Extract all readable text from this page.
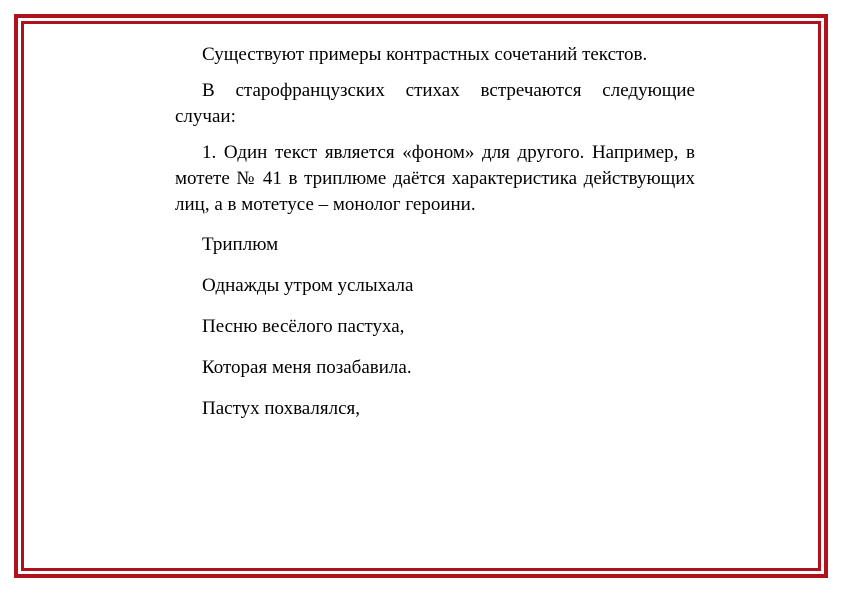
Существуют примеры контрастных сочетаний текстов.

В старофранцузских стихах встречаются следующие случаи:

1. Один текст является «фоном» для другого. Например, в мотете № 41 в триплюме даётся характеристика действующих лиц, а в мотетусе – монолог героини.

Триплюм

Однажды утром услыхала

Песню весёлого пастуха,

Которая меня позабавила.

Пастух похвалялся,
